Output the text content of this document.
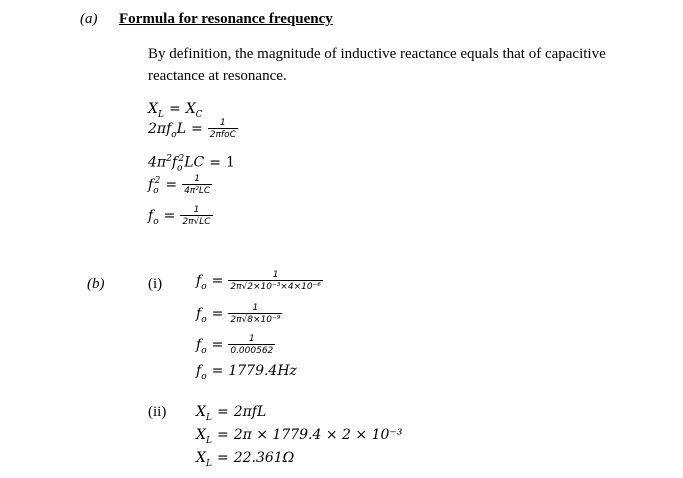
(a) Formula for resonance frequency
By definition, the magnitude of inductive reactance equals that of capacitive reactance at resonance.
$X_L = X_C$
$2\pi f_oL = \frac{1}{\text{2πfoC}}$
$4\pi^2f_o^2LC = 1$
$f_o^2 = \frac{1}{\text{4π²LC}}$
$f_o = \frac{1}{2\pi√LC}$
(b)	(i) $f_o = \frac{1}{\text{2π√2×10⁻³×4×10⁻⁶}}$
$f_o = \frac{1}{\text{2π√8×10⁻⁹}}$
$f_o = \frac{1}{0.000562}$
$f_o = 1779.4Hz$
(ii) $X_L = 2\pi fL$
$X_L = 2\pi \times 1779.4 \times 2 \times 10^{-3}$
$X_L = 22.361\Omega$
